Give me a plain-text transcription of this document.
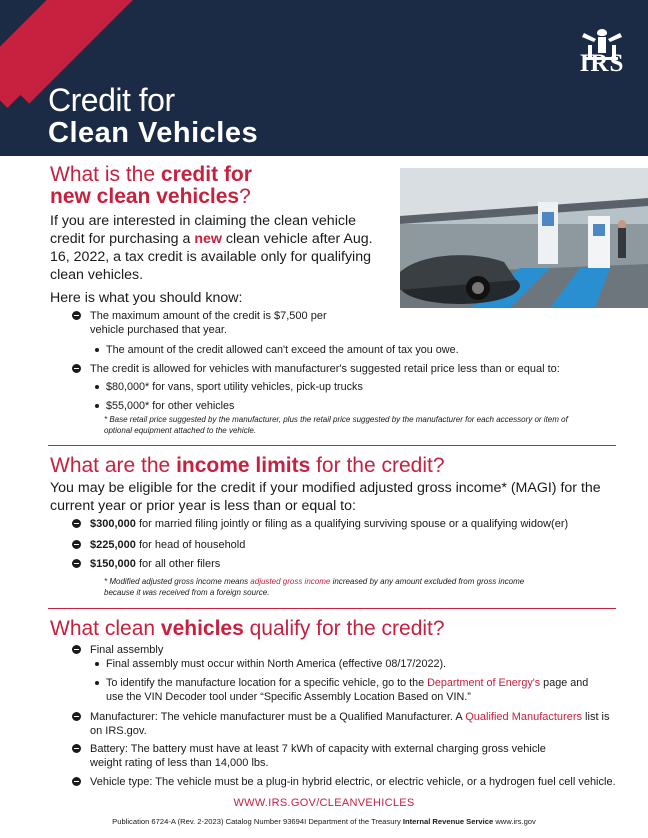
Credit for
Clean Vehicles
IRS
What is the credit for
new clean vehicles?
If you are interested in claiming the clean vehicle credit for purchasing a new clean vehicle after Aug. 16, 2022, a tax credit is available only for qualifying clean vehicles.
Here is what you should know:
The maximum amount of the credit is $7,500 per vehicle purchased that year.
The amount of the credit allowed can't exceed the amount of tax you owe.
The credit is allowed for vehicles with manufacturer's suggested retail price less than or equal to:
$80,000* for vans, sport utility vehicles, pick-up trucks
$55,000* for other vehicles
* Base retail price suggested by the manufacturer, plus the retail price suggested by the manufacturer for each accessory or item of optional equipment attached to the vehicle.
What are the income limits for the credit?
You may be eligible for the credit if your modified adjusted gross income* (MAGI) for the current year or prior year is less than or equal to:
$300,000 for married filing jointly or filing as a qualifying surviving spouse or a qualifying widow(er)
$225,000 for head of household
$150,000 for all other filers
* Modified adjusted gross income means adjusted gross income increased by any amount excluded from gross income because it was received from a foreign source.
What clean vehicles qualify for the credit?
Final assembly
Final assembly must occur within North America (effective 08/17/2022).
To identify the manufacture location for a specific vehicle, go to the Department of Energy's page and use the VIN Decoder tool under “Specific Assembly Location Based on VIN.”
Manufacturer: The vehicle manufacturer must be a Qualified Manufacturer. A Qualified Manufacturers list is on IRS.gov.
Battery: The battery must have at least 7 kWh of capacity with external charging gross vehicle weight rating of less than 14,000 lbs.
Vehicle type: The vehicle must be a plug-in hybrid electric, or electric vehicle, or a hydrogen fuel cell vehicle.
WWW.IRS.GOV/CLEANVEHICLES
Publication 6724-A (Rev. 2-2023) Catalog Number 93694I Department of the Treasury Internal Revenue Service www.irs.gov
